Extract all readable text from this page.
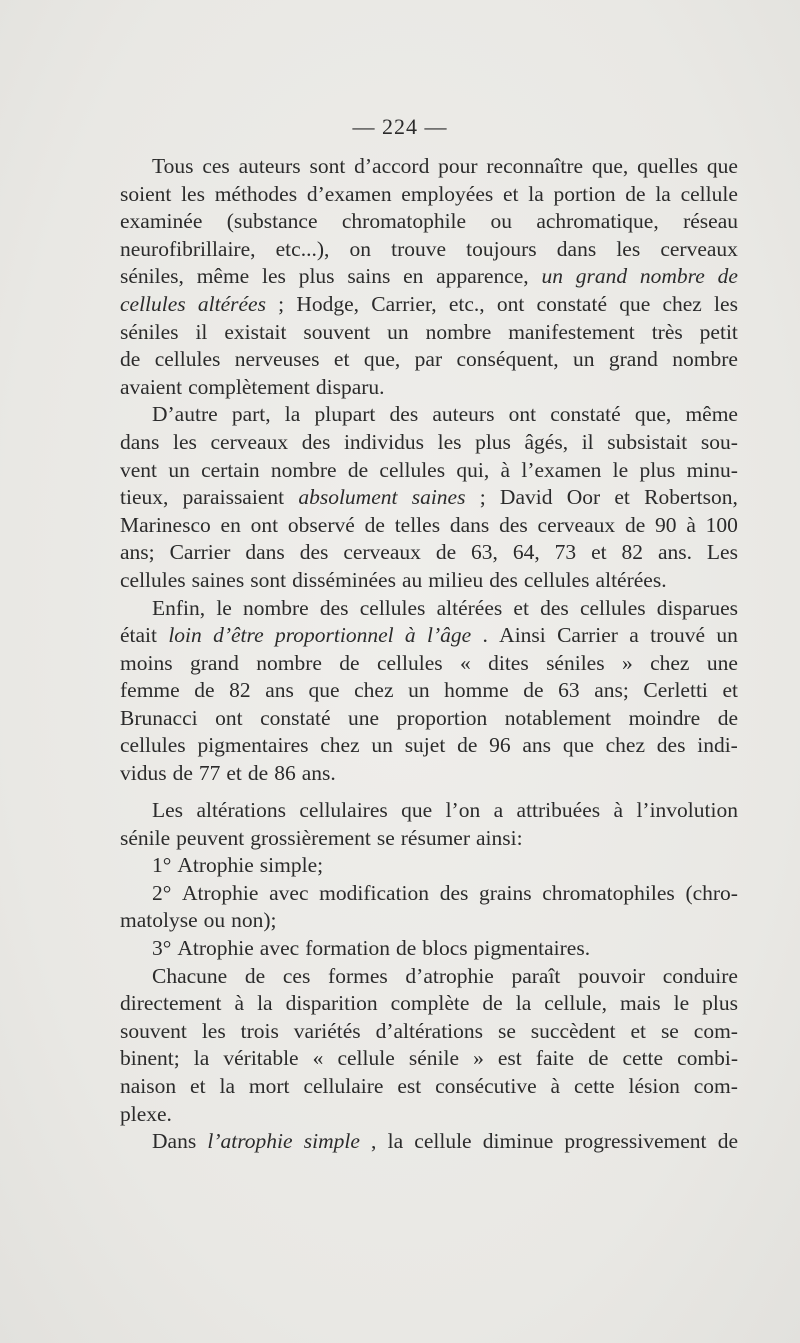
— 224 —
Tous ces auteurs sont d’accord pour reconnaître que, quelles que
soient les méthodes d’examen employées et la portion de la cellule
examinée (substance chromatophile ou achromatique, réseau
neurofibrillaire, etc...), on trouve toujours dans les cerveaux
séniles, même les plus sains en apparence, un grand nombre de
cellules altérées ; Hodge, Carrier, etc., ont constaté que chez les
séniles il existait souvent un nombre manifestement très petit
de cellules nerveuses et que, par conséquent, un grand nombre
avaient complètement disparu.
D’autre part, la plupart des auteurs ont constaté que, même
dans les cerveaux des individus les plus âgés, il subsistait sou-
vent un certain nombre de cellules qui, à l’examen le plus minu-
tieux, paraissaient absolument saines ; David Oor et Robertson,
Marinesco en ont observé de telles dans des cerveaux de 90 à 100
ans; Carrier dans des cerveaux de 63, 64, 73 et 82 ans. Les
cellules saines sont disséminées au milieu des cellules altérées.
Enfin, le nombre des cellules altérées et des cellules disparues
était loin d’être proportionnel à l’âge . Ainsi Carrier a trouvé un
moins grand nombre de cellules « dites séniles » chez une
femme de 82 ans que chez un homme de 63 ans; Cerletti et
Brunacci ont constaté une proportion notablement moindre de
cellules pigmentaires chez un sujet de 96 ans que chez des indi-
vidus de 77 et de 86 ans.
Les altérations cellulaires que l’on a attribuées à l’involution
sénile peuvent grossièrement se résumer ainsi:
1° Atrophie simple;
2° Atrophie avec modification des grains chromatophiles (chro-
matolyse ou non);
3° Atrophie avec formation de blocs pigmentaires.
Chacune de ces formes d’atrophie paraît pouvoir conduire
directement à la disparition complète de la cellule, mais le plus
souvent les trois variétés d’altérations se succèdent et se com-
binent; la véritable « cellule sénile » est faite de cette combi-
naison et la mort cellulaire est consécutive à cette lésion com-
plexe.
Dans l’atrophie simple , la cellule diminue progressivement de
